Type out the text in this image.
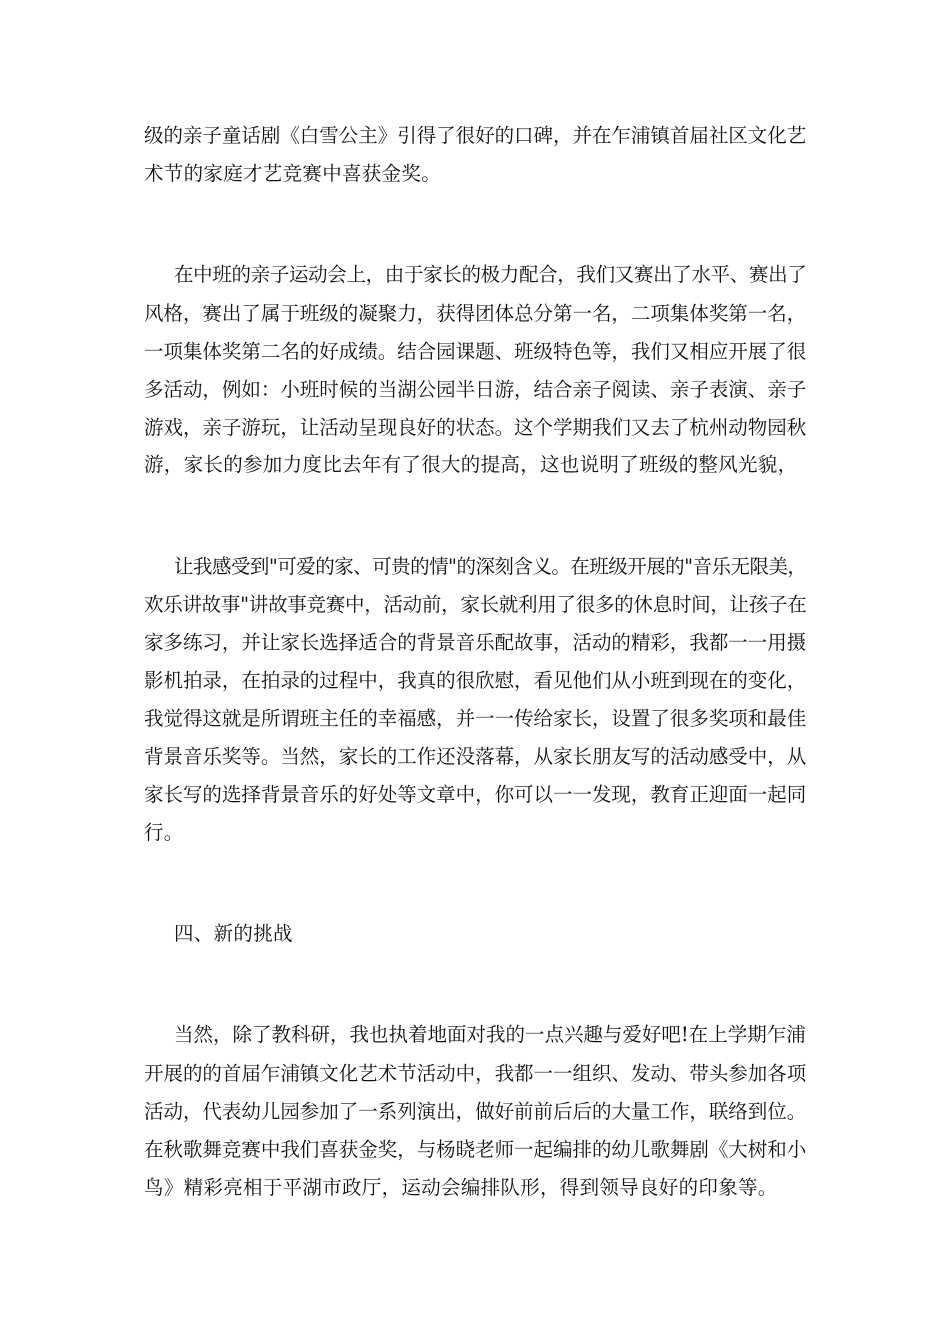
级的亲子童话剧《白雪公主》引得了很好的口碑，并在乍浦镇首届社区文化艺
术节的家庭才艺竞赛中喜获金奖。
在中班的亲子运动会上，由于家长的极力配合，我们又赛出了水平、赛出了
风格，赛出了属于班级的凝聚力，获得团体总分第一名，二项集体奖第一名，
一项集体奖第二名的好成绩。结合园课题、班级特色等，我们又相应开展了很
多活动，例如：小班时候的当湖公园半日游，结合亲子阅读、亲子表演、亲子
游戏，亲子游玩，让活动呈现良好的状态。这个学期我们又去了杭州动物园秋
游，家长的参加力度比去年有了很大的提高，这也说明了班级的整风光貌，
让我感受到"可爱的家、可贵的情"的深刻含义。在班级开展的"音乐无限美，
欢乐讲故事"讲故事竞赛中，活动前，家长就利用了很多的休息时间，让孩子在
家多练习，并让家长选择适合的背景音乐配故事，活动的精彩，我都一一用摄
影机拍录，在拍录的过程中，我真的很欣慰，看见他们从小班到现在的变化，
我觉得这就是所谓班主任的幸福感，并一一传给家长，设置了很多奖项和最佳
背景音乐奖等。当然，家长的工作还没落幕，从家长朋友写的活动感受中，从
家长写的选择背景音乐的好处等文章中，你可以一一发现，教育正迎面一起同
行。
四、新的挑战
当然，除了教科研，我也执着地面对我的一点兴趣与爱好吧!在上学期乍浦
开展的的首届乍浦镇文化艺术节活动中，我都一一组织、发动、带头参加各项
活动，代表幼儿园参加了一系列演出，做好前前后后的大量工作，联络到位。
在秋歌舞竞赛中我们喜获金奖，与杨晓老师一起编排的幼儿歌舞剧《大树和小
鸟》精彩亮相于平湖市政厅，运动会编排队形，得到领导良好的印象等。
